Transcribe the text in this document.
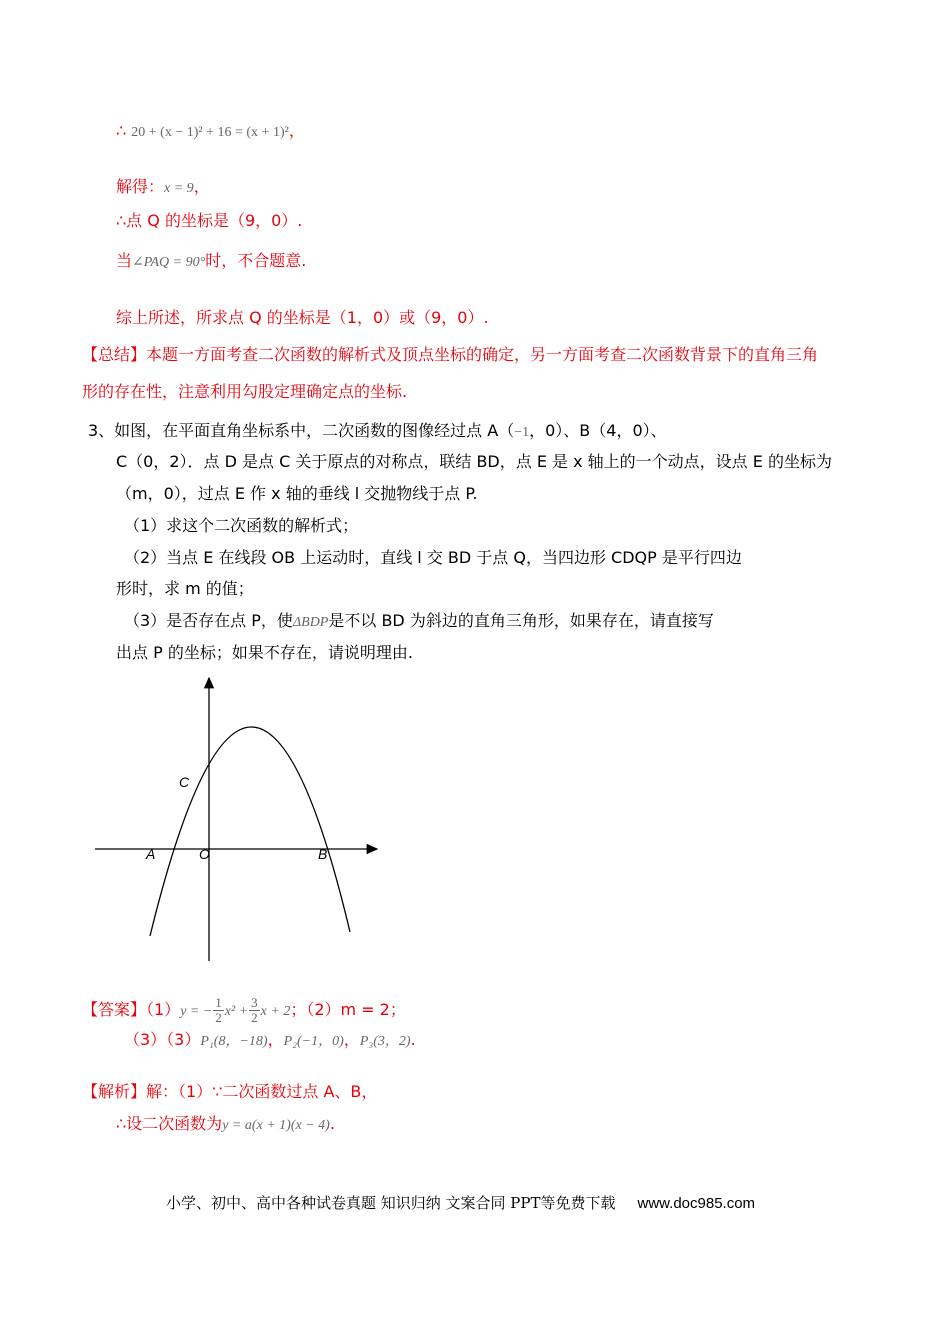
∴ 20 + (x − 1)² + 16 = (x + 1)²，
解得：x = 9，
∴点 Q 的坐标是（9，0）.
当∠PAQ = 90°时，不合题意.
综上所述，所求点 Q 的坐标是（1，0）或（9，0）.
【总结】本题一方面考查二次函数的解析式及顶点坐标的确定，另一方面考查二次函数背景下的直角三角
形的存在性，注意利用勾股定理确定点的坐标.
3、如图，在平面直角坐标系中，二次函数的图像经过点 A（−1，0）、B（4，0）、
C（0，2）．点 D 是点 C 关于原点的对称点，联结 BD，点 E 是 x 轴上的一个动点，设点 E 的坐标为
（m，0），过点 E 作 x 轴的垂线 l 交抛物线于点 P.
（1）求这个二次函数的解析式；
（2）当点 E 在线段 OB 上运动时，直线 l 交 BD 于点 Q，当四边形 CDQP 是平行四边
形时，求 m 的值；
（3）是否存在点 P，使ΔBDP是不以 BD 为斜边的直角三角形，如果存在，请直接写
出点 P 的坐标；如果不存在，请说明理由.
C
A	O	B
【答案】（1）y = − $\frac{1}{2} x^2 + \frac{3}{2}$ x + 2；（2）m = 2；
（3）（3）P₁(8，−18)，P₂(−1，0)，P₃(3，2).
【解析】解：（1）∵二次函数过点 A、B，
∴设二次函数为y = a(x + 1)(x − 4).
小学、初中、高中各种试卷真题 知识归纳 文案合同 PPT等免费下载 www.doc985.com
